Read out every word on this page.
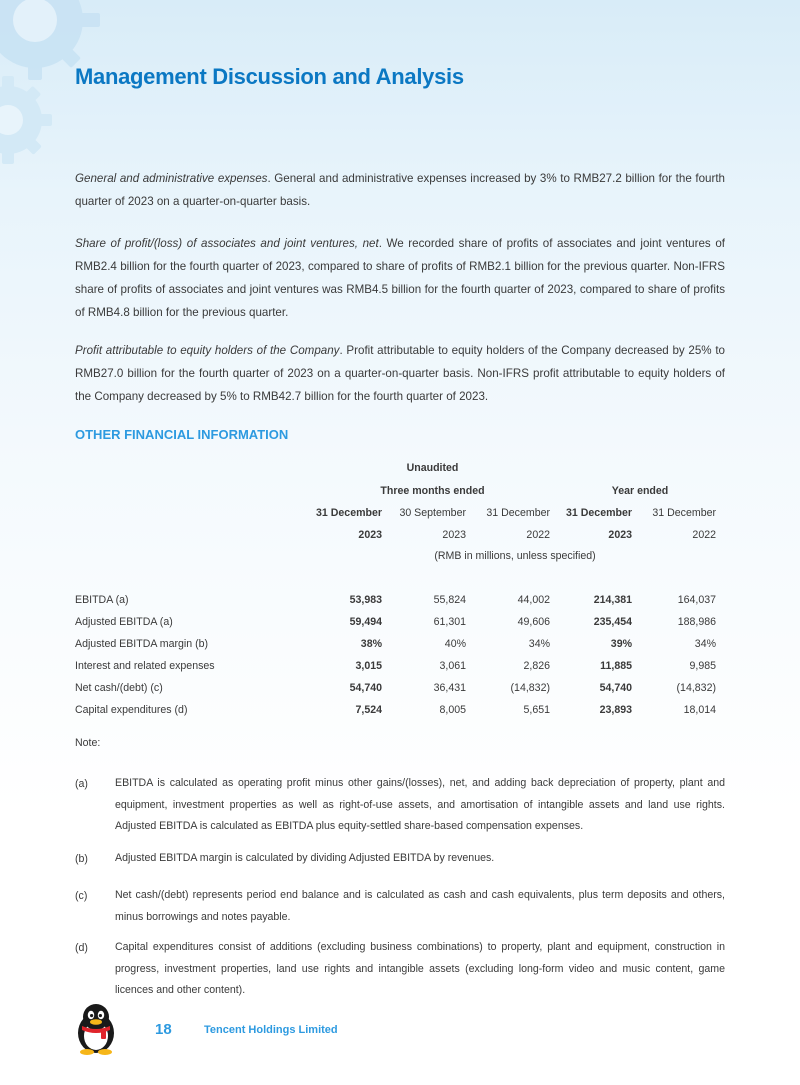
Management Discussion and Analysis

General and administrative expenses. General and administrative expenses increased by 3% to RMB27.2 billion for the fourth quarter of 2023 on a quarter-on-quarter basis.

Share of profit/(loss) of associates and joint ventures, net. We recorded share of profits of associates and joint ventures of RMB2.4 billion for the fourth quarter of 2023, compared to share of profits of RMB2.1 billion for the previous quarter. Non-IFRS share of profits of associates and joint ventures was RMB4.5 billion for the fourth quarter of 2023, compared to share of profits of RMB4.8 billion for the previous quarter.

Profit attributable to equity holders of the Company. Profit attributable to equity holders of the Company decreased by 25% to RMB27.0 billion for the fourth quarter of 2023 on a quarter-on-quarter basis. Non-IFRS profit attributable to equity holders of the Company decreased by 5% to RMB42.7 billion for the fourth quarter of 2023.

OTHER FINANCIAL INFORMATION
Unaudited
Three months ended	Year ended
31 December	30 September	31 December	31 December	31 December
2023	2023	2022	2023	2022
(RMB in millions, unless specified)
EBITDA (a)	53,983	55,824	44,002	214,381	164,037
Adjusted EBITDA (a)	59,494	61,301	49,606	235,454	188,986
Adjusted EBITDA margin (b)	38%	40%	34%	39%	34%
Interest and related expenses	3,015	3,061	2,826	11,885	9,985
Net cash/(debt) (c)	54,740	36,431	(14,832)	54,740	(14,832)
Capital expenditures (d)	7,524	8,005	5,651	23,893	18,014

Note:

(a)	EBITDA is calculated as operating profit minus other gains/(losses), net, and adding back depreciation of property, plant and equipment, investment properties as well as right-of-use assets, and amortisation of intangible assets and land use rights. Adjusted EBITDA is calculated as EBITDA plus equity-settled share-based compensation expenses.

(b)	Adjusted EBITDA margin is calculated by dividing Adjusted EBITDA by revenues.

(c)	Net cash/(debt) represents period end balance and is calculated as cash and cash equivalents, plus term deposits and others, minus borrowings and notes payable.

(d)	Capital expenditures consist of additions (excluding business combinations) to property, plant and equipment, construction in progress, investment properties, land use rights and intangible assets (excluding long-form video and music content, game licences and other content).

18	Tencent Holdings Limited
